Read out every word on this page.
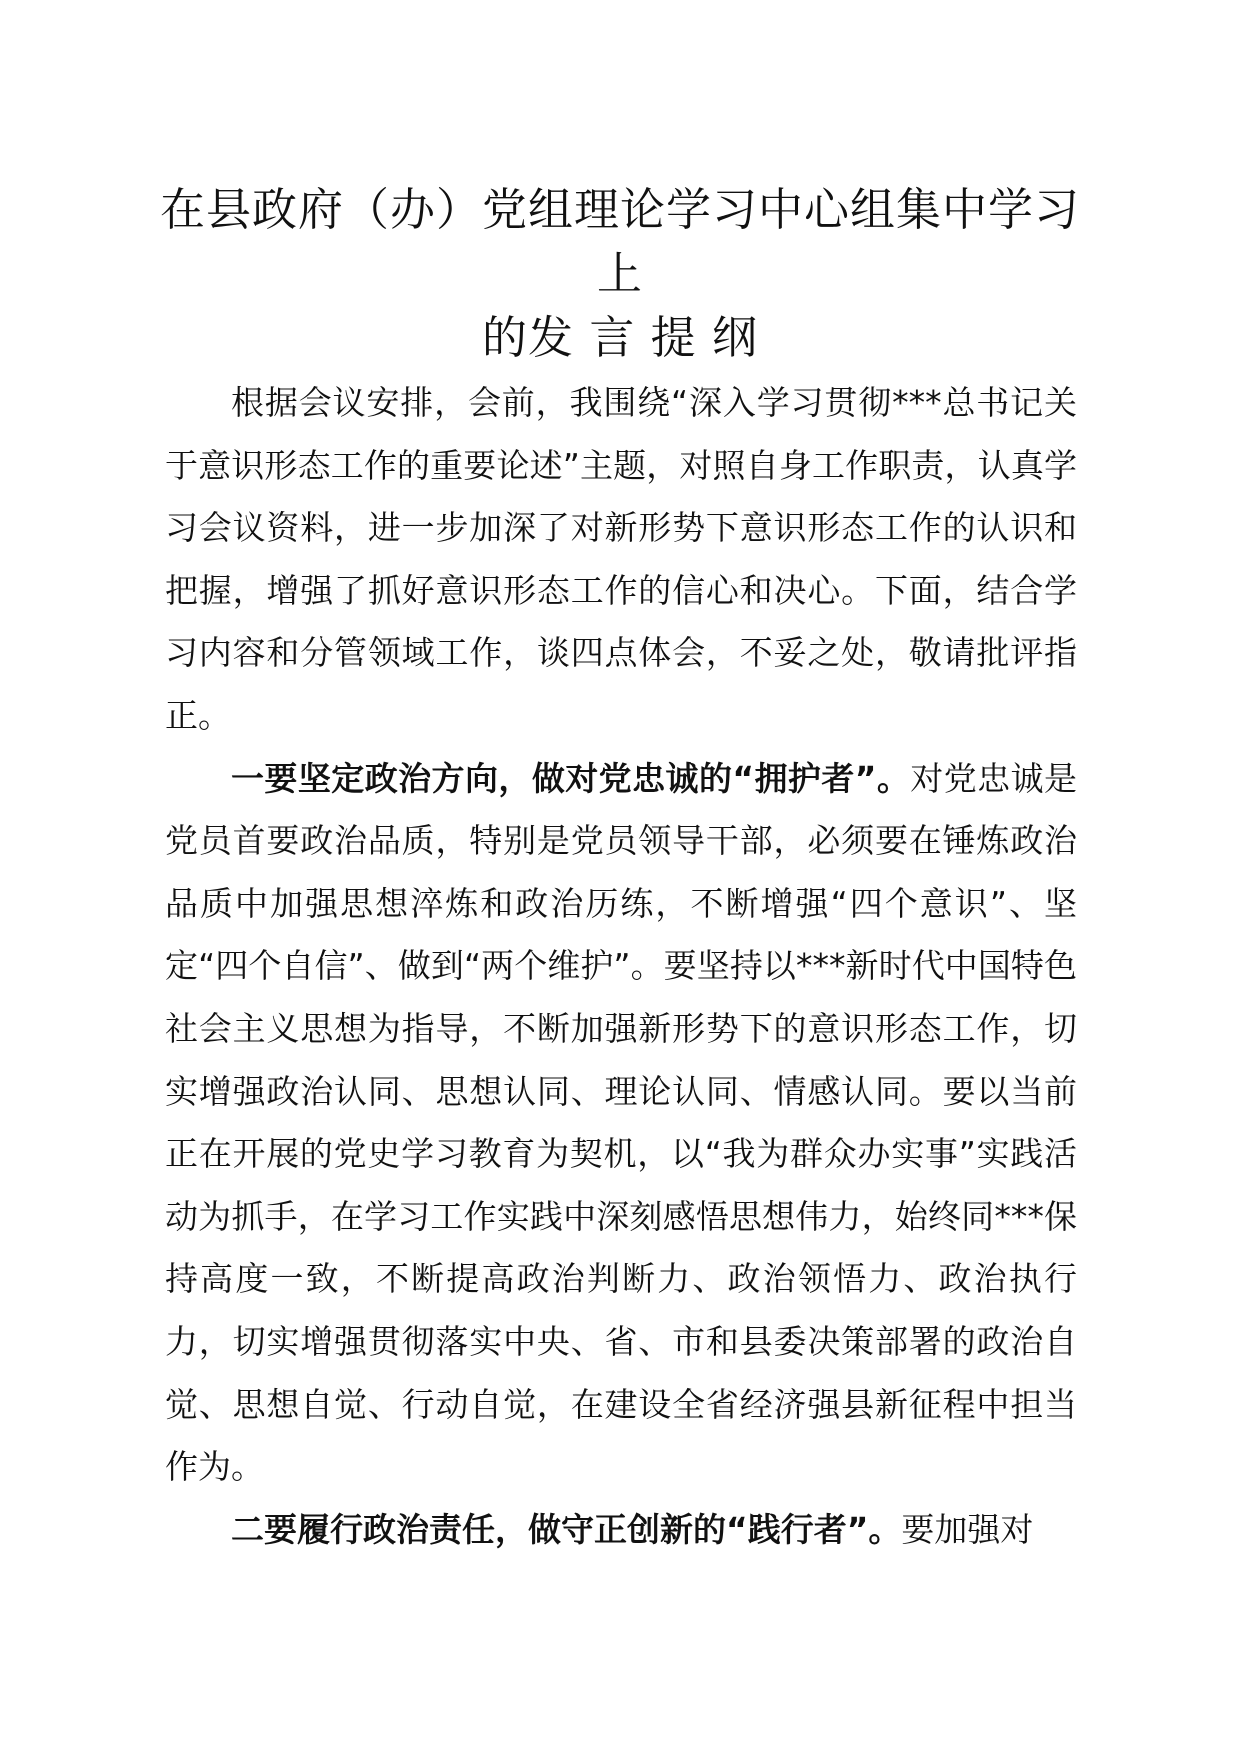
在县政府（办）党组理论学习中心组集中学习上
的发 言 提 纲

根据会议安排，会前，我围绕“深入学习贯彻***总书记关于意识形态工作的重要论述”主题，对照自身工作职责，认真学习会议资料，进一步加深了对新形势下意识形态工作的认识和把握，增强了抓好意识形态工作的信心和决心。下面，结合学习内容和分管领域工作，谈四点体会，不妥之处，敬请批评指正。

一要坚定政治方向，做对党忠诚的“拥护者”。对党忠诚是党员首要政治品质，特别是党员领导干部，必须要在锤炼政治品质中加强思想淬炼和政治历练，不断增强“四个意识”、坚定“四个自信”、做到“两个维护”。要坚持以***新时代中国特色社会主义思想为指导，不断加强新形势下的意识形态工作，切实增强政治认同、思想认同、理论认同、情感认同。要以当前正在开展的党史学习教育为契机，以“我为群众办实事”实践活动为抓手，在学习工作实践中深刻感悟思想伟力，始终同***保持高度一致，不断提高政治判断力、政治领悟力、政治执行力，切实增强贯彻落实中央、省、市和县委决策部署的政治自觉、思想自觉、行动自觉，在建设全省经济强县新征程中担当作为。

二要履行政治责任，做守正创新的“践行者”。要加强对
